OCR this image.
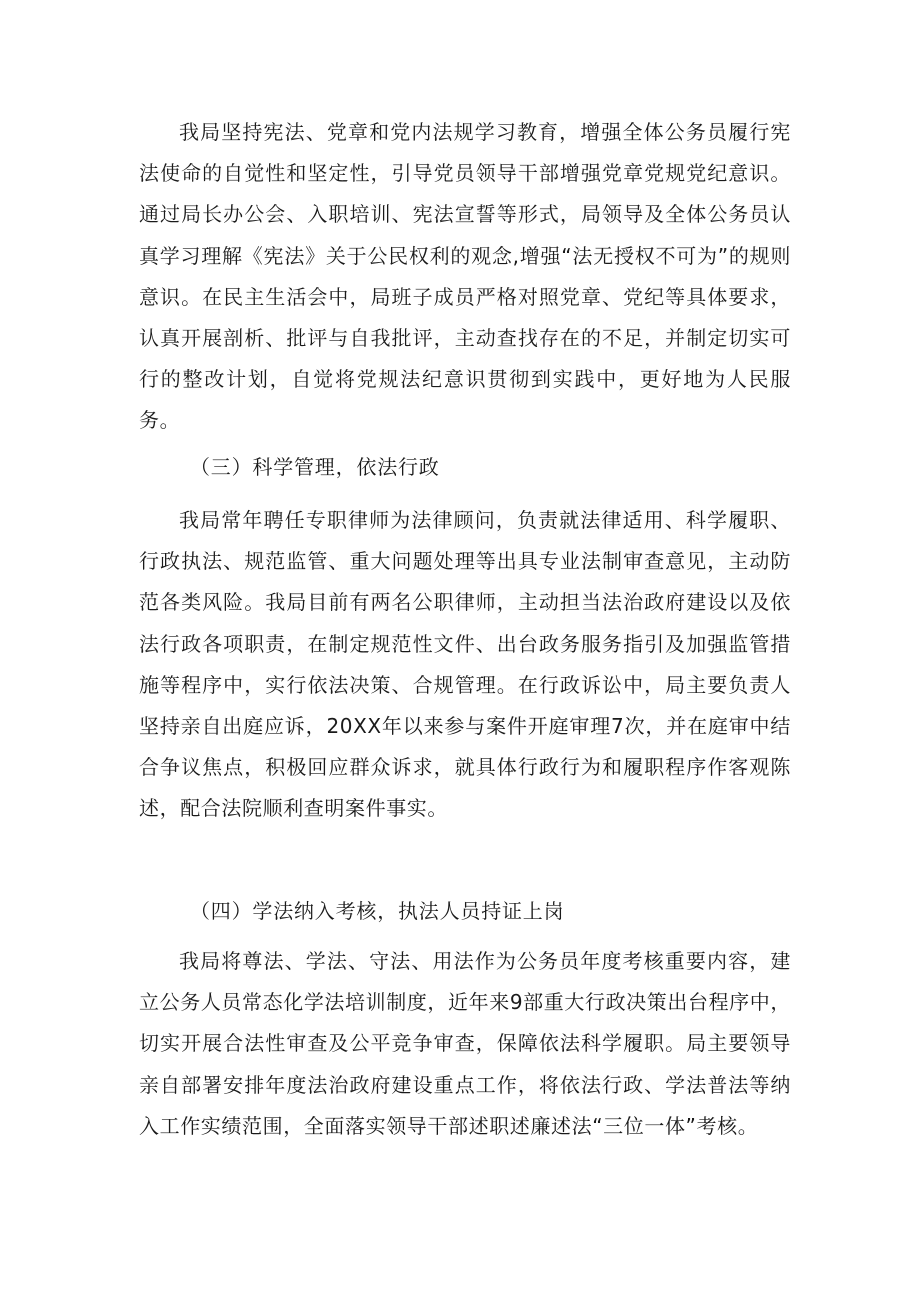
我局坚持宪法、党章和党内法规学习教育，增强全体公务员履行宪法使命的自觉性和坚定性，引导党员领导干部增强党章党规党纪意识。通过局长办公会、入职培训、宪法宣誓等形式，局领导及全体公务员认真学习理解《宪法》关于公民权利的观念,增强“法无授权不可为”的规则意识。在民主生活会中，局班子成员严格对照党章、党纪等具体要求，认真开展剖析、批评与自我批评，主动查找存在的不足，并制定切实可行的整改计划，自觉将党规法纪意识贯彻到实践中，更好地为人民服务。

（三）科学管理，依法行政

我局常年聘任专职律师为法律顾问，负责就法律适用、科学履职、行政执法、规范监管、重大问题处理等出具专业法制审查意见，主动防范各类风险。我局目前有两名公职律师，主动担当法治政府建设以及依法行政各项职责，在制定规范性文件、出台政务服务指引及加强监管措施等程序中，实行依法决策、合规管理。在行政诉讼中，局主要负责人坚持亲自出庭应诉，20XX年以来参与案件开庭审理7次，并在庭审中结合争议焦点，积极回应群众诉求，就具体行政行为和履职程序作客观陈述，配合法院顺利查明案件事实。

（四）学法纳入考核，执法人员持证上岗

我局将尊法、学法、守法、用法作为公务员年度考核重要内容，建立公务人员常态化学法培训制度，近年来9部重大行政决策出台程序中，切实开展合法性审查及公平竞争审查，保障依法科学履职。局主要领导亲自部署安排年度法治政府建设重点工作，将依法行政、学法普法等纳入工作实绩范围，全面落实领导干部述职述廉述法“三位一体”考核。
